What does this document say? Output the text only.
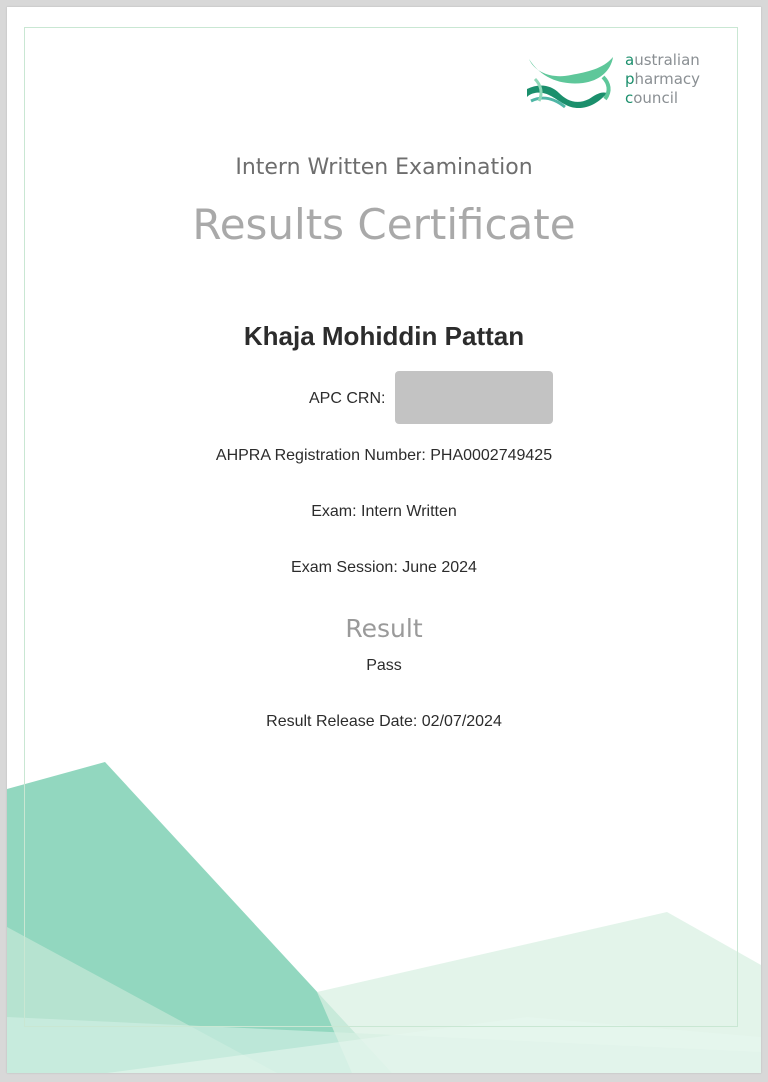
australian
pharmacy
council
Intern Written Examination
Results Certificate
Khaja Mohiddin Pattan
APC CRN:
AHPRA Registration Number: PHA0002749425
Exam: Intern Written
Exam Session: June 2024
Result
Pass
Result Release Date: 02/07/2024
